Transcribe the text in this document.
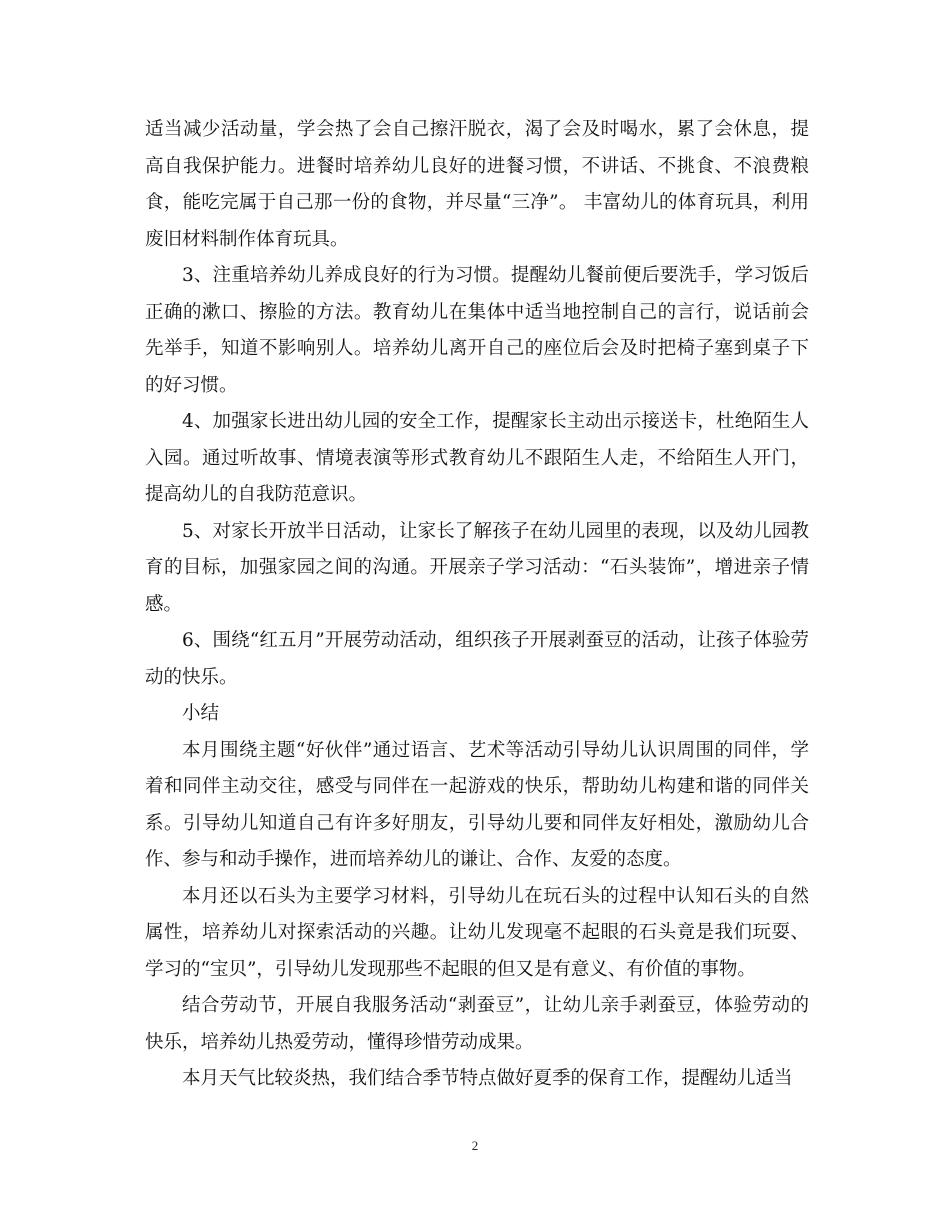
适当减少活动量，学会热了会自己擦汗脱衣，渴了会及时喝水，累了会休息，提高自我保护能力。进餐时培养幼儿良好的进餐习惯，不讲话、不挑食、不浪费粮食，能吃完属于自己那一份的食物，并尽量“三净”。 丰富幼儿的体育玩具，利用废旧材料制作体育玩具。

3、注重培养幼儿养成良好的行为习惯。提醒幼儿餐前便后要洗手，学习饭后正确的漱口、擦脸的方法。教育幼儿在集体中适当地控制自己的言行，说话前会先举手，知道不影响别人。培养幼儿离开自己的座位后会及时把椅子塞到桌子下的好习惯。

4、加强家长进出幼儿园的安全工作，提醒家长主动出示接送卡，杜绝陌生人入园。通过听故事、情境表演等形式教育幼儿不跟陌生人走，不给陌生人开门，提高幼儿的自我防范意识。

5、对家长开放半日活动，让家长了解孩子在幼儿园里的表现，以及幼儿园教育的目标，加强家园之间的沟通。开展亲子学习活动：“石头装饰”，增进亲子情感。

6、围绕“红五月”开展劳动活动，组织孩子开展剥蚕豆的活动，让孩子体验劳动的快乐。

小结

本月围绕主题“好伙伴”通过语言、艺术等活动引导幼儿认识周围的同伴，学着和同伴主动交往，感受与同伴在一起游戏的快乐，帮助幼儿构建和谐的同伴关系。引导幼儿知道自己有许多好朋友，引导幼儿要和同伴友好相处，激励幼儿合作、参与和动手操作，进而培养幼儿的谦让、合作、友爱的态度。

本月还以石头为主要学习材料，引导幼儿在玩石头的过程中认知石头的自然属性，培养幼儿对探索活动的兴趣。让幼儿发现毫不起眼的石头竟是我们玩耍、学习的“宝贝”，引导幼儿发现那些不起眼的但又是有意义、有价值的事物。

结合劳动节，开展自我服务活动“剥蚕豆”，让幼儿亲手剥蚕豆，体验劳动的快乐，培养幼儿热爱劳动，懂得珍惜劳动成果。

本月天气比较炎热，我们结合季节特点做好夏季的保育工作，提醒幼儿适当

2
